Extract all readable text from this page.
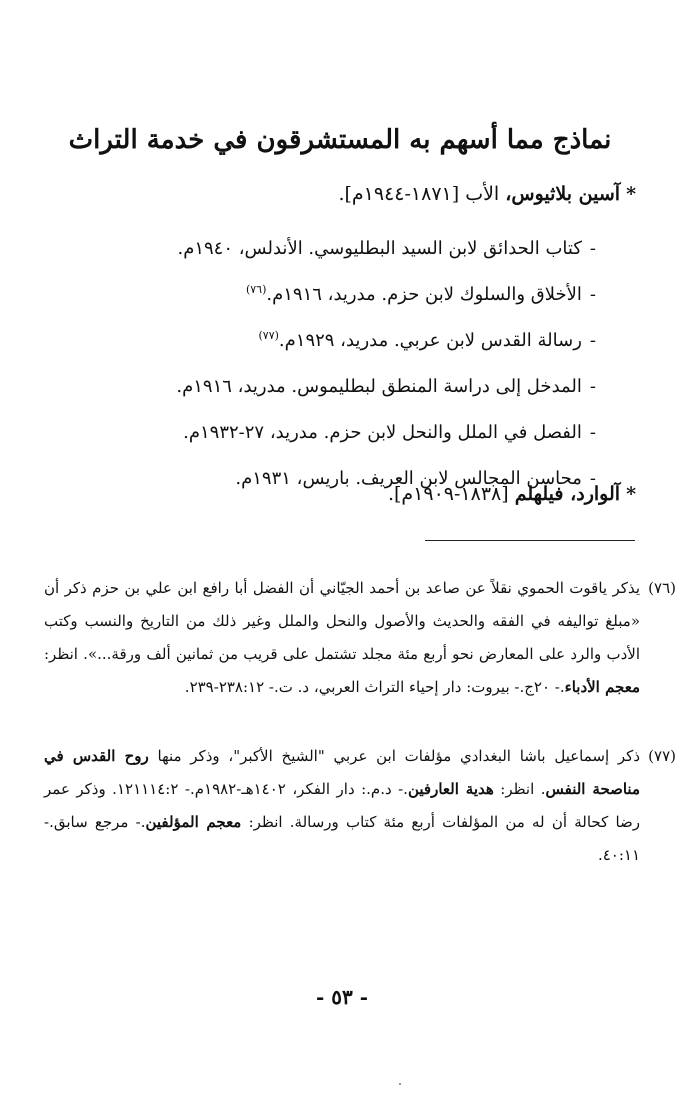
نماذج مما أسهم به المستشرقون في خدمة التراث
*آسين بلاثيوس، الأب [١٨٧١-١٩٤٤م].
-كتاب الحدائق لابن السيد البطليوسي. الأندلس، ١٩٤٠م.
-الأخلاق والسلوك لابن حزم. مدريد، ١٩١٦م.$^{(٧٦)}$
-رسالة القدس لابن عربي. مدريد، ١٩٢٩م.$^{(٧٧)}$
-المدخل إلى دراسة المنطق لبطليموس. مدريد، ١٩١٦م.
-الفصل في الملل والنحل لابن حزم. مدريد، ٢٧-١٩٣٢م.
-محاسن المجالس لابن العريف. باريس، ١٩٣١م.
*آلوارد، فيلهلم [١٨٣٨-١٩٠٩م].
(٧٦)
يذكر ياقوت الحموي نقلاً عن صاعد بن أحمد الجيّاني أن الفضل أبا رافع ابن علي بن حزم ذكر أن «مبلغ تواليفه في الفقه والحديث والأصول والنحل والملل وغير ذلك من التاريخ والنسب وكتب الأدب والرد على المعارض نحو أربع مئة مجلد تشتمل على قريب من ثمانين ألف ورقة...». انظر: معجم الأدباء.- ٢٠ج.- بيروت: دار إحياء التراث العربي، د. ت.- ٢٣٨:١٢-٢٣٩.
(٧٧)
ذكر إسماعيل باشا البغدادي مؤلفات ابن عربي "الشيخ الأكبر"، وذكر منها روح القدس في مناصحة النفس. انظر: هدية العارفين.- د.م.: دار الفكر، ١٤٠٢هـ-١٩٨٢م.- ١٢١١١٤:٢. وذكر عمر رضا كحالة أن له من المؤلفات أربع مئة كتاب ورسالة. انظر: معجم المؤلفين.- مرجع سابق.- ٤٠:١١.
- ٥٣ -
